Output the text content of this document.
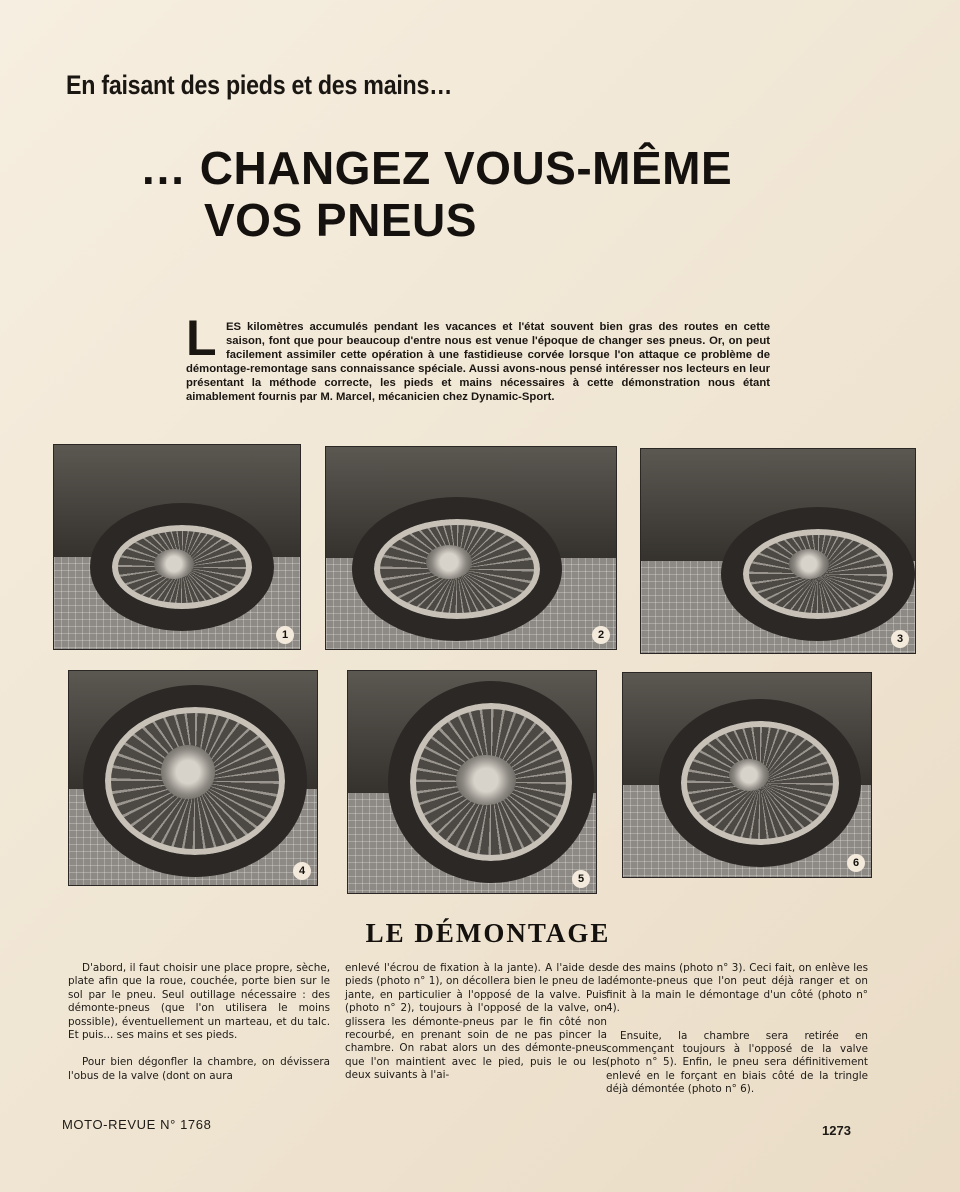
En faisant des pieds et des mains…
… CHANGEZ VOUS-MÊME
VOS PNEUS
L ES kilomètres accumulés pendant les vacances et l'état souvent bien gras des routes en cette saison, font que pour beaucoup d'entre nous est venue l'époque de changer ses pneus. Or, on peut facilement assimiler cette opération à une fastidieuse corvée lorsque l'on attaque ce problème de démontage-remontage sans connaissance spéciale. Aussi avons-nous pensé intéresser nos lecteurs en leur présentant la méthode correcte, les pieds et mains nécessaires à cette démonstration nous étant aimablement fournis par M. Marcel, mécanicien chez Dynamic-Sport.
1	2	3
4
5
6
LE DÉMONTAGE

D'abord, il faut choisir une place propre, sèche, plate afin que la roue, couchée, porte bien sur le sol par le pneu. Seul outillage nécessaire : des démonte-pneus (que l'on utilisera le moins possible), éventuellement un marteau, et du talc. Et puis... ses mains et ses pieds.

Pour bien dégonfler la chambre, on dévissera l'obus de la valve (dont on aura

enlevé l'écrou de fixation à la jante). A l'aide des pieds (photo n° 1), on décollera bien le pneu de la jante, en particulier à l'opposé de la valve. Puis (photo n° 2), toujours à l'opposé de la valve, on glissera les démonte-pneus par le fin côté non recourbé, en prenant soin de ne pas pincer la chambre. On rabat alors un des démonte-pneus que l'on maintient avec le pied, puis le ou les deux suivants à l'ai-

de des mains (photo n° 3). Ceci fait, on enlève les démonte-pneus que l'on peut déjà ranger et on finit à la main le démontage d'un côté (photo n° 4).

Ensuite, la chambre sera retirée en commençant toujours à l'opposé de la valve (photo n° 5). Enfin, le pneu sera définitivement enlevé en le forçant en biais côté de la tringle déjà démontée (photo n° 6).

MOTO-REVUE N° 1768	1273
